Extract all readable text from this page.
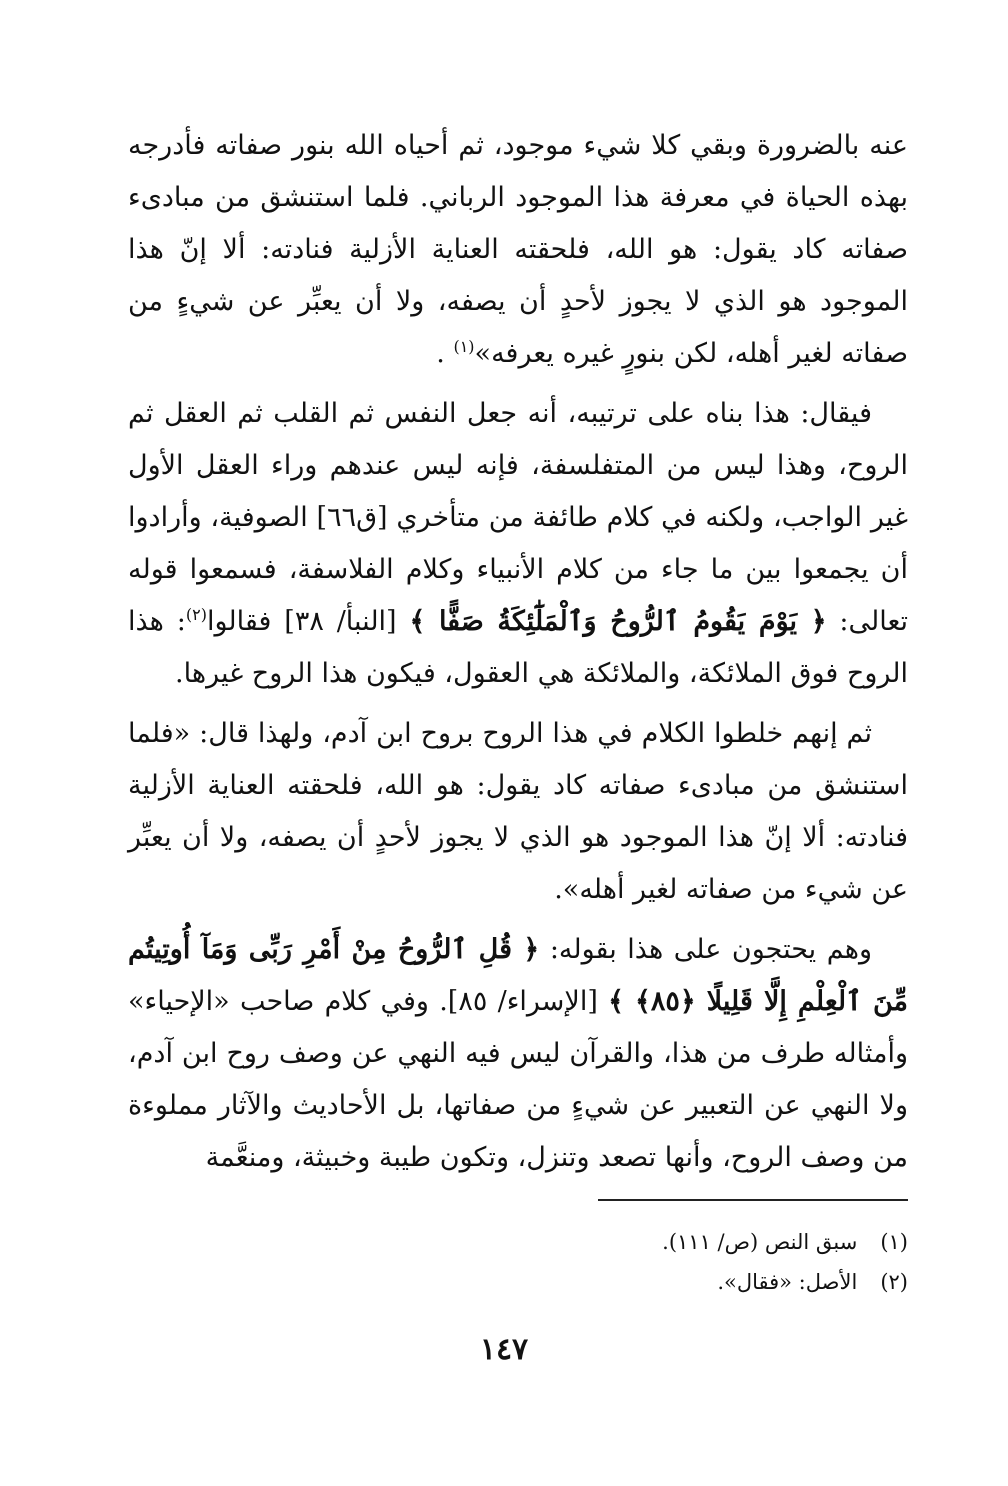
عنه بالضرورة وبقي كلا شيء موجود، ثم أحياه الله بنور صفاته فأدرجه بهذه الحياة في معرفة هذا الموجود الرباني. فلما استنشق من مبادىء صفاته كاد يقول: هو الله، فلحقته العناية الأزلية فنادته: ألا إنّ هذا الموجود هو الذي لا يجوز لأحدٍ أن يصفه، ولا أن يعبِّر عن شيءٍ من صفاته لغير أهله، لكن بنورٍ غيره يعرفه»$^{(١)}$ .

فيقال: هذا بناه على ترتيبه، أنه جعل النفس ثم القلب ثم العقل ثم الروح، وهذا ليس من المتفلسفة، فإنه ليس عندهم وراء العقل الأول غير الواجب، ولكنه في كلام طائفة من متأخري [ق٦٦] الصوفية، وأرادوا أن يجمعوا بين ما جاء من كلام الأنبياء وكلام الفلاسفة، فسمعوا قوله تعالى: ﴿ يَوْمَ يَقُومُ ٱلرُّوحُ وَٱلْمَلَٰٓئِكَةُ صَفًّا ﴾ [النبأ/ ٣٨] فقالوا$^{(٢)}$: هذا الروح فوق الملائكة، والملائكة هي العقول، فيكون هذا الروح غيرها.

ثم إنهم خلطوا الكلام في هذا الروح بروح ابن آدم، ولهذا قال: «فلما استنشق من مبادىء صفاته كاد يقول: هو الله، فلحقته العناية الأزلية فنادته: ألا إنّ هذا الموجود هو الذي لا يجوز لأحدٍ أن يصفه، ولا أن يعبِّر عن شيء من صفاته لغير أهله».

وهم يحتجون على هذا بقوله: ﴿ قُلِ ٱلرُّوحُ مِنْ أَمْرِ رَبِّى وَمَآ أُوتِيتُم مِّنَ ٱلْعِلْمِ إِلَّا قَلِيلًا ﴿٨٥﴾ ﴾ [الإسراء/ ٨٥]. وفي كلام صاحب «الإحياء» وأمثاله طرف من هذا، والقرآن ليس فيه النهي عن وصف روح ابن آدم، ولا النهي عن التعبير عن شيءٍ من صفاتها، بل الأحاديث والآثار مملوءة من وصف الروح، وأنها تصعد وتنزل، وتكون طيبة وخبيثة، ومنعَّمة

(١) سبق النص (ص/ ١١١).

(٢) الأصل: «فقال».

١٤٧
